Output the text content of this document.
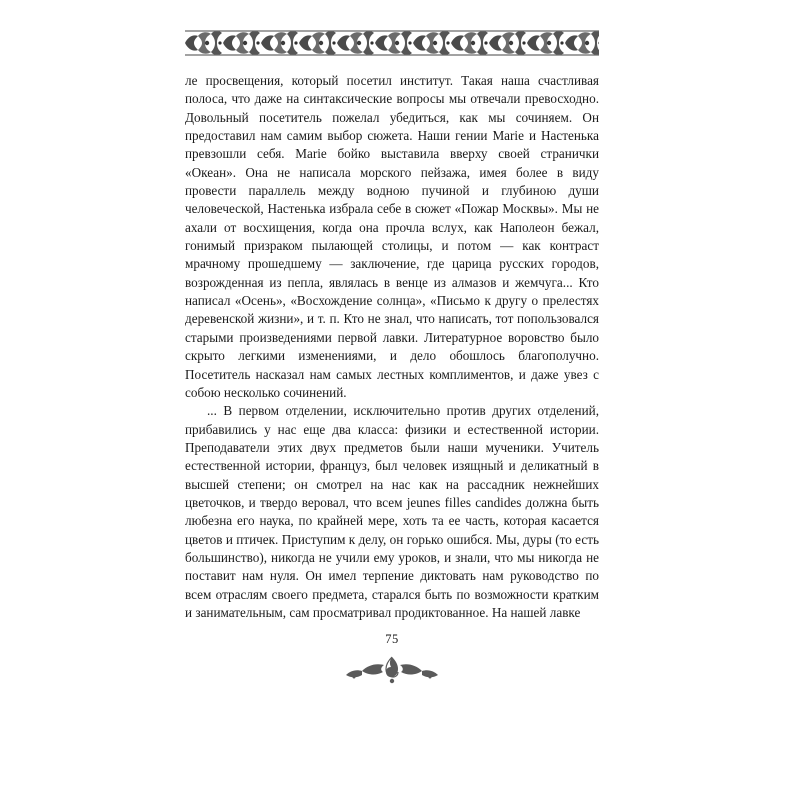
ле просвещения, который посетил институт. Такая наша счастливая полоса, что даже на синтаксические вопросы мы отвечали превосходно. Довольный посетитель пожелал убедиться, как мы сочиняем. Он предоставил нам самим выбор сюжета. Наши гении Marie и Настенька превзошли себя. Marie бойко выставила вверху своей странички «Океан». Она не написала морского пейзажа, имея более в виду провести параллель между водною пучиной и глубиною души человеческой, Настенька избрала себе в сюжет «Пожар Москвы». Мы не ахали от восхищения, когда она прочла вслух, как Наполеон бежал, гонимый призраком пылающей столицы, и потом — как контраст мрачному прошедшему — заключение, где царица русских городов, возрожденная из пепла, являлась в венце из алмазов и жемчуга... Кто написал «Осень», «Восхождение солнца», «Письмо к другу о прелестях деревенской жизни», и т. п. Кто не знал, что написать, тот попользовался старыми произведениями первой лавки. Литературное воровство было скрыто легкими изменениями, и дело обошлось благополучно. Посетитель насказал нам самых лестных комплиментов, и даже увез с собою несколько сочинений.

... В первом отделении, исключительно против других отделений, прибавились у нас еще два класса: физики и естественной истории. Преподаватели этих двух предметов были наши мученики. Учитель естественной истории, француз, был человек изящный и деликатный в высшей степени; он смотрел на нас как на рассадник нежнейших цветочков, и твердо веровал, что всем jeunes filles candides должна быть любезна его наука, по крайней мере, хоть та ее часть, которая касается цветов и птичек. Приступим к делу, он горько ошибся. Мы, дуры (то есть большинство), никогда не учили ему уроков, и знали, что мы никогда не поставит нам нуля. Он имел терпение диктовать нам руководство по всем отраслям своего предмета, старался быть по возможности кратким и занимательным, сам просматривал продиктованное. На нашей лавке

75
